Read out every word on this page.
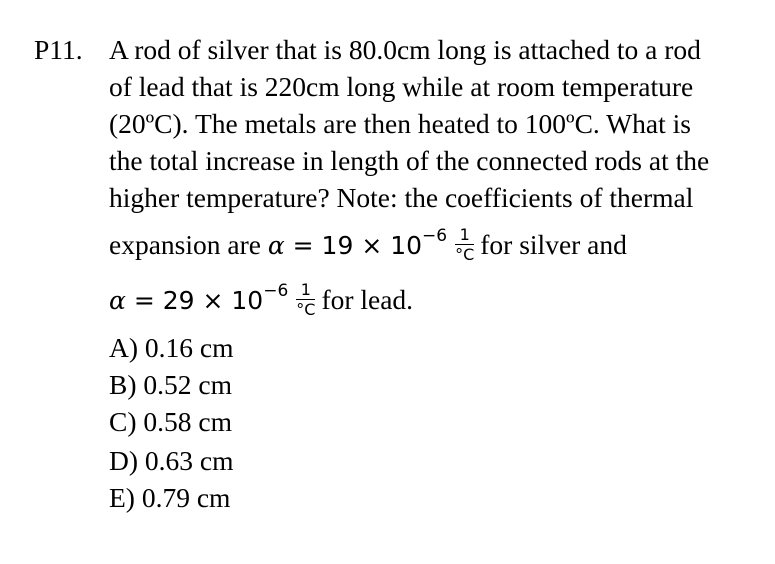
P11. A rod of silver that is 80.0cm long is attached to a rod
of lead that is 220cm long while at room temperature
(20ºC). The metals are then heated to 100ºC. What is
the total increase in length of the connected rods at the
higher temperature? Note: the coefficients of thermal
expansion are $\alpha = 19 \times 10^{-6} \frac{1}{^\circ C}$ for silver and
$\alpha = 29 \times 10^{-6} \frac{1}{^\circ C}$ for lead.
A) 0.16 cm
B) 0.52 cm
C) 0.58 cm
D) 0.63 cm
E) 0.79 cm
